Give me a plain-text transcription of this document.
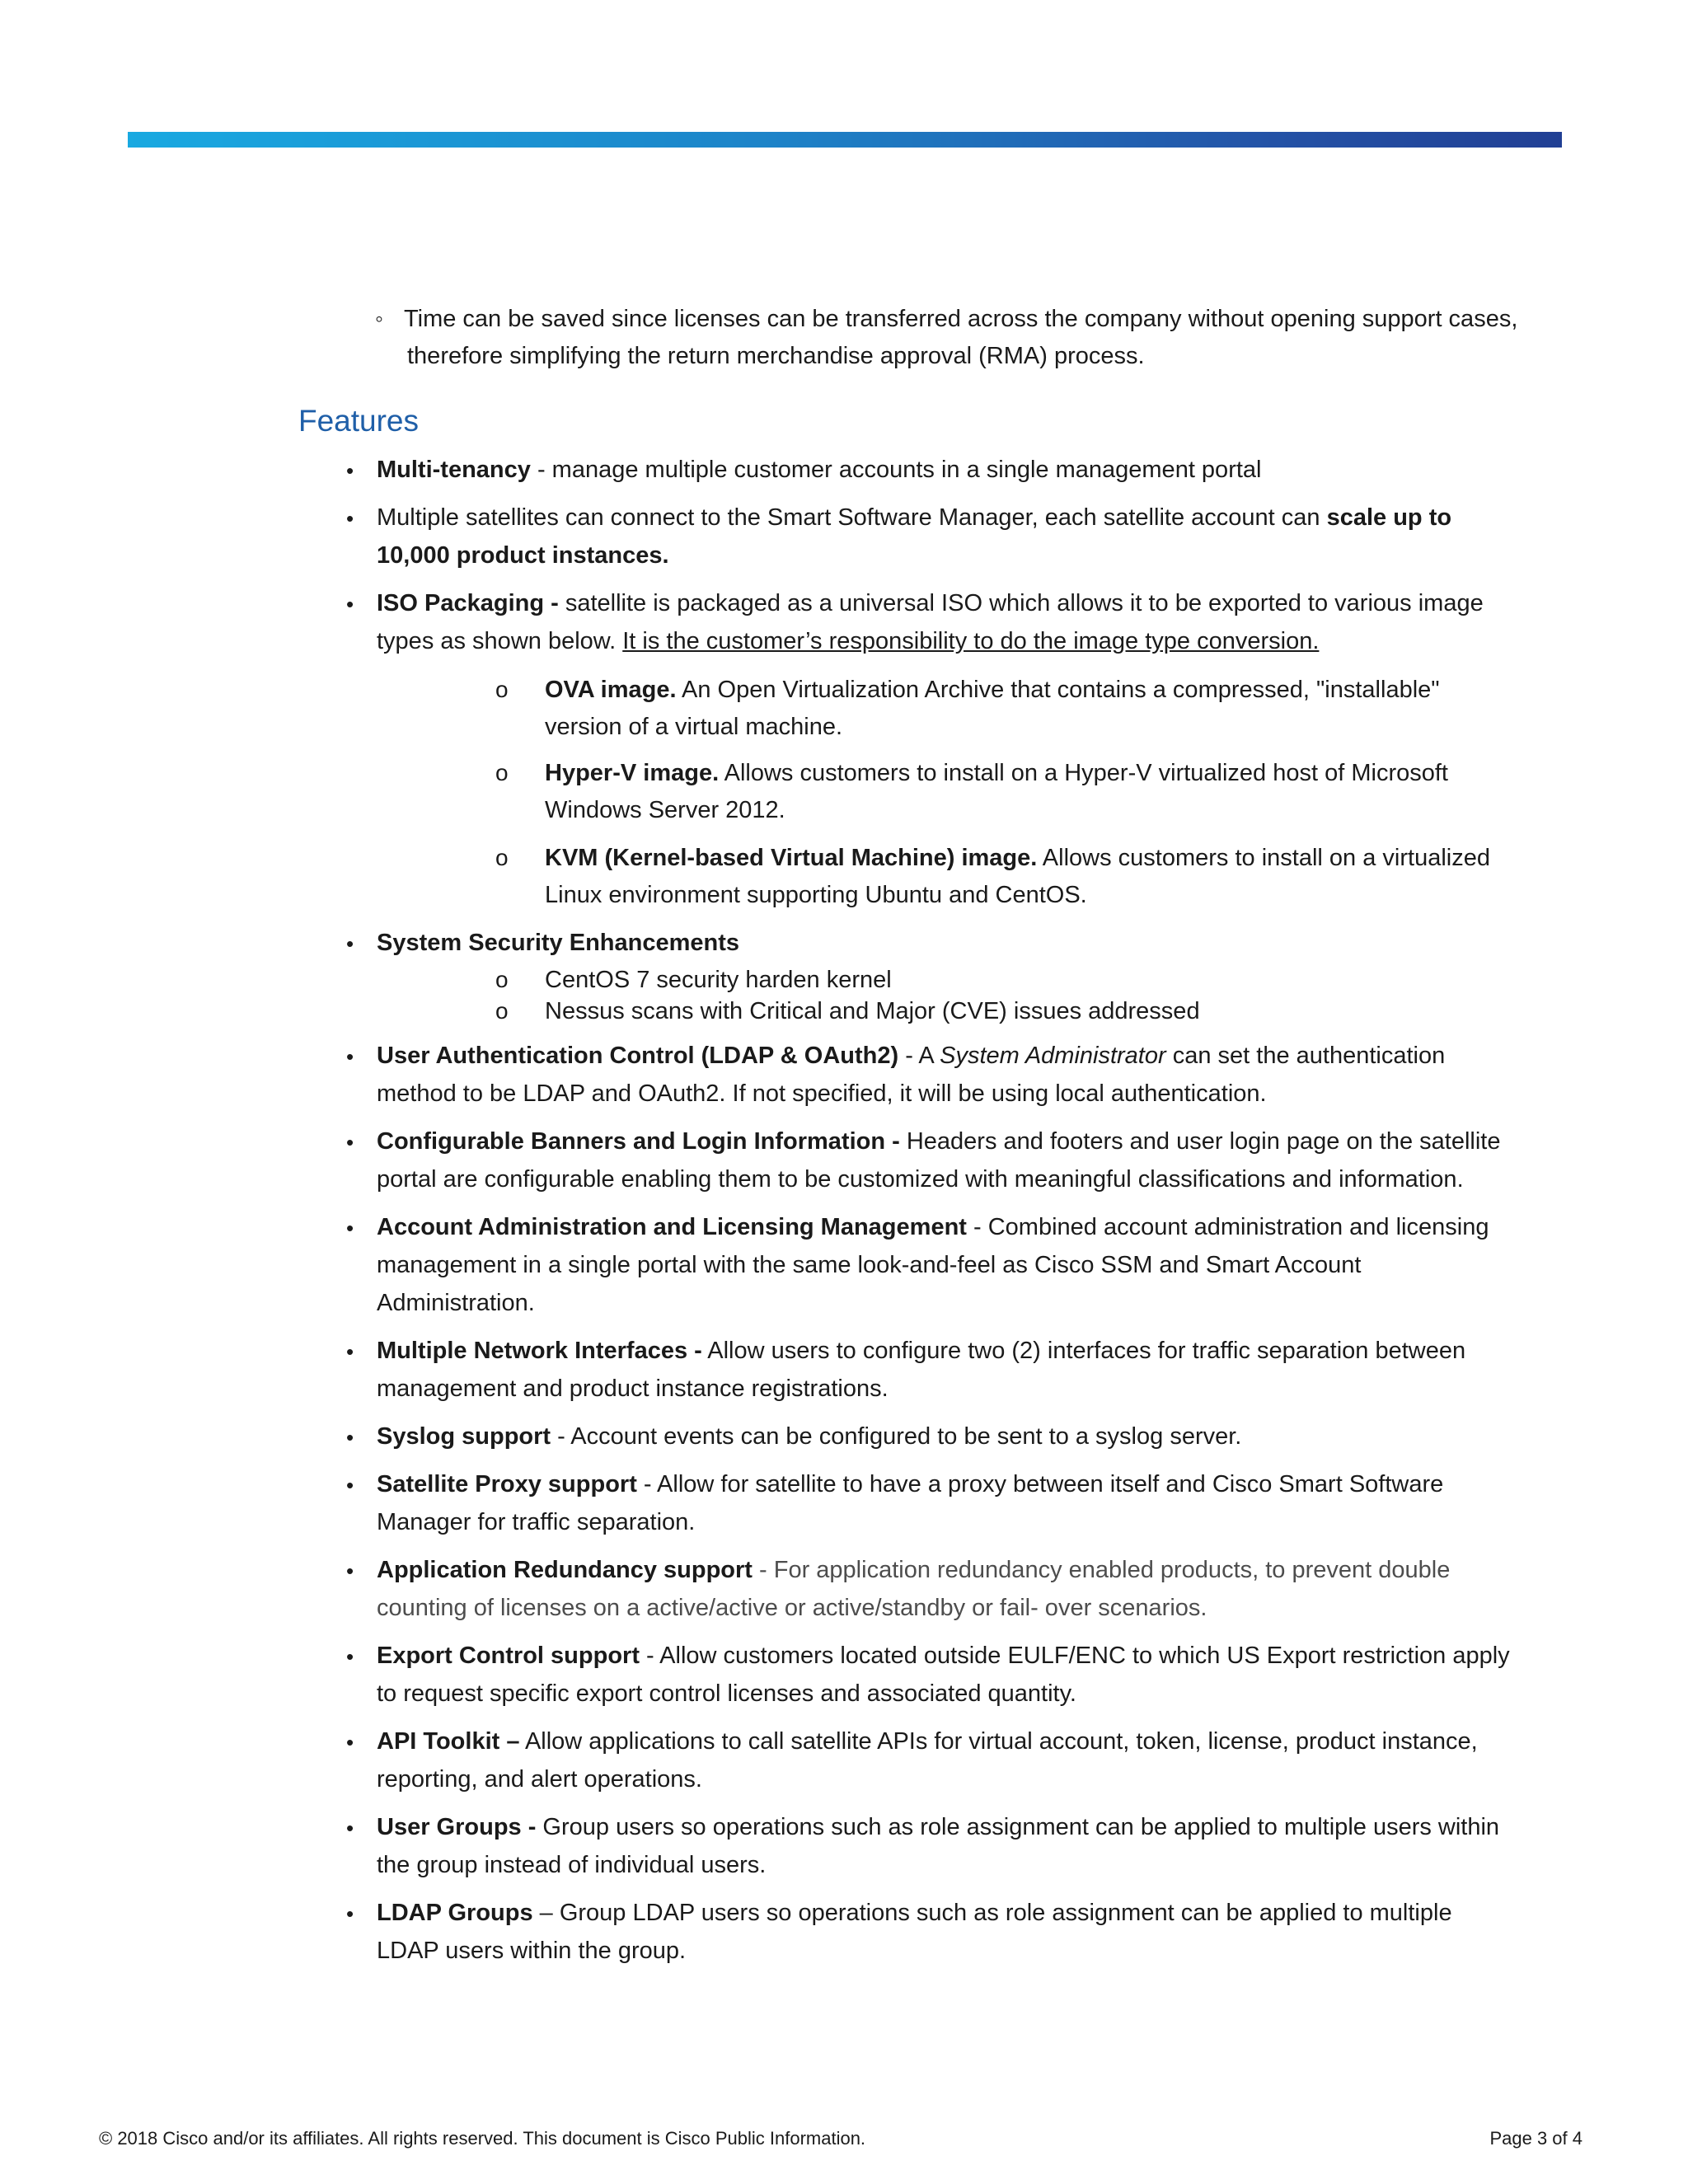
◦ Time can be saved since licenses can be transferred across the company without opening support cases,
therefore simplifying the return merchandise approval (RMA) process.
Features
• Multi-tenancy - manage multiple customer accounts in a single management portal
• Multiple satellites can connect to the Smart Software Manager, each satellite account can scale up to
10,000 product instances.
• ISO Packaging - satellite is packaged as a universal ISO which allows it to be exported to various image
types as shown below. It is the customer’s responsibility to do the image type conversion.
o OVA image. An Open Virtualization Archive that contains a compressed, "installable"
version of a virtual machine.
o Hyper-V image. Allows customers to install on a Hyper-V virtualized host of Microsoft
Windows Server 2012.
o KVM (Kernel-based Virtual Machine) image. Allows customers to install on a virtualized
Linux environment supporting Ubuntu and CentOS.
• System Security Enhancements
o CentOS 7 security harden kernel
o Nessus scans with Critical and Major (CVE) issues addressed
• User Authentication Control (LDAP & OAuth2) - A System Administrator can set the authentication
method to be LDAP and OAuth2. If not specified, it will be using local authentication.
• Configurable Banners and Login Information - Headers and footers and user login page on the satellite
portal are configurable enabling them to be customized with meaningful classifications and information.
• Account Administration and Licensing Management - Combined account administration and licensing
management in a single portal with the same look-and-feel as Cisco SSM and Smart Account
Administration.
• Multiple Network Interfaces - Allow users to configure two (2) interfaces for traffic separation between
management and product instance registrations.
• Syslog support - Account events can be configured to be sent to a syslog server.
• Satellite Proxy support - Allow for satellite to have a proxy between itself and Cisco Smart Software
Manager for traffic separation.
• Application Redundancy support - For application redundancy enabled products, to prevent double
counting of licenses on a active/active or active/standby or fail- over scenarios.
• Export Control support - Allow customers located outside EULF/ENC to which US Export restriction apply
to request specific export control licenses and associated quantity.
• API Toolkit – Allow applications to call satellite APIs for virtual account, token, license, product instance,
reporting, and alert operations.
• User Groups - Group users so operations such as role assignment can be applied to multiple users within
the group instead of individual users.
• LDAP Groups – Group LDAP users so operations such as role assignment can be applied to multiple
LDAP users within the group.
© 2018 Cisco and/or its affiliates. All rights reserved. This document is Cisco Public Information.	Page 3 of 4
